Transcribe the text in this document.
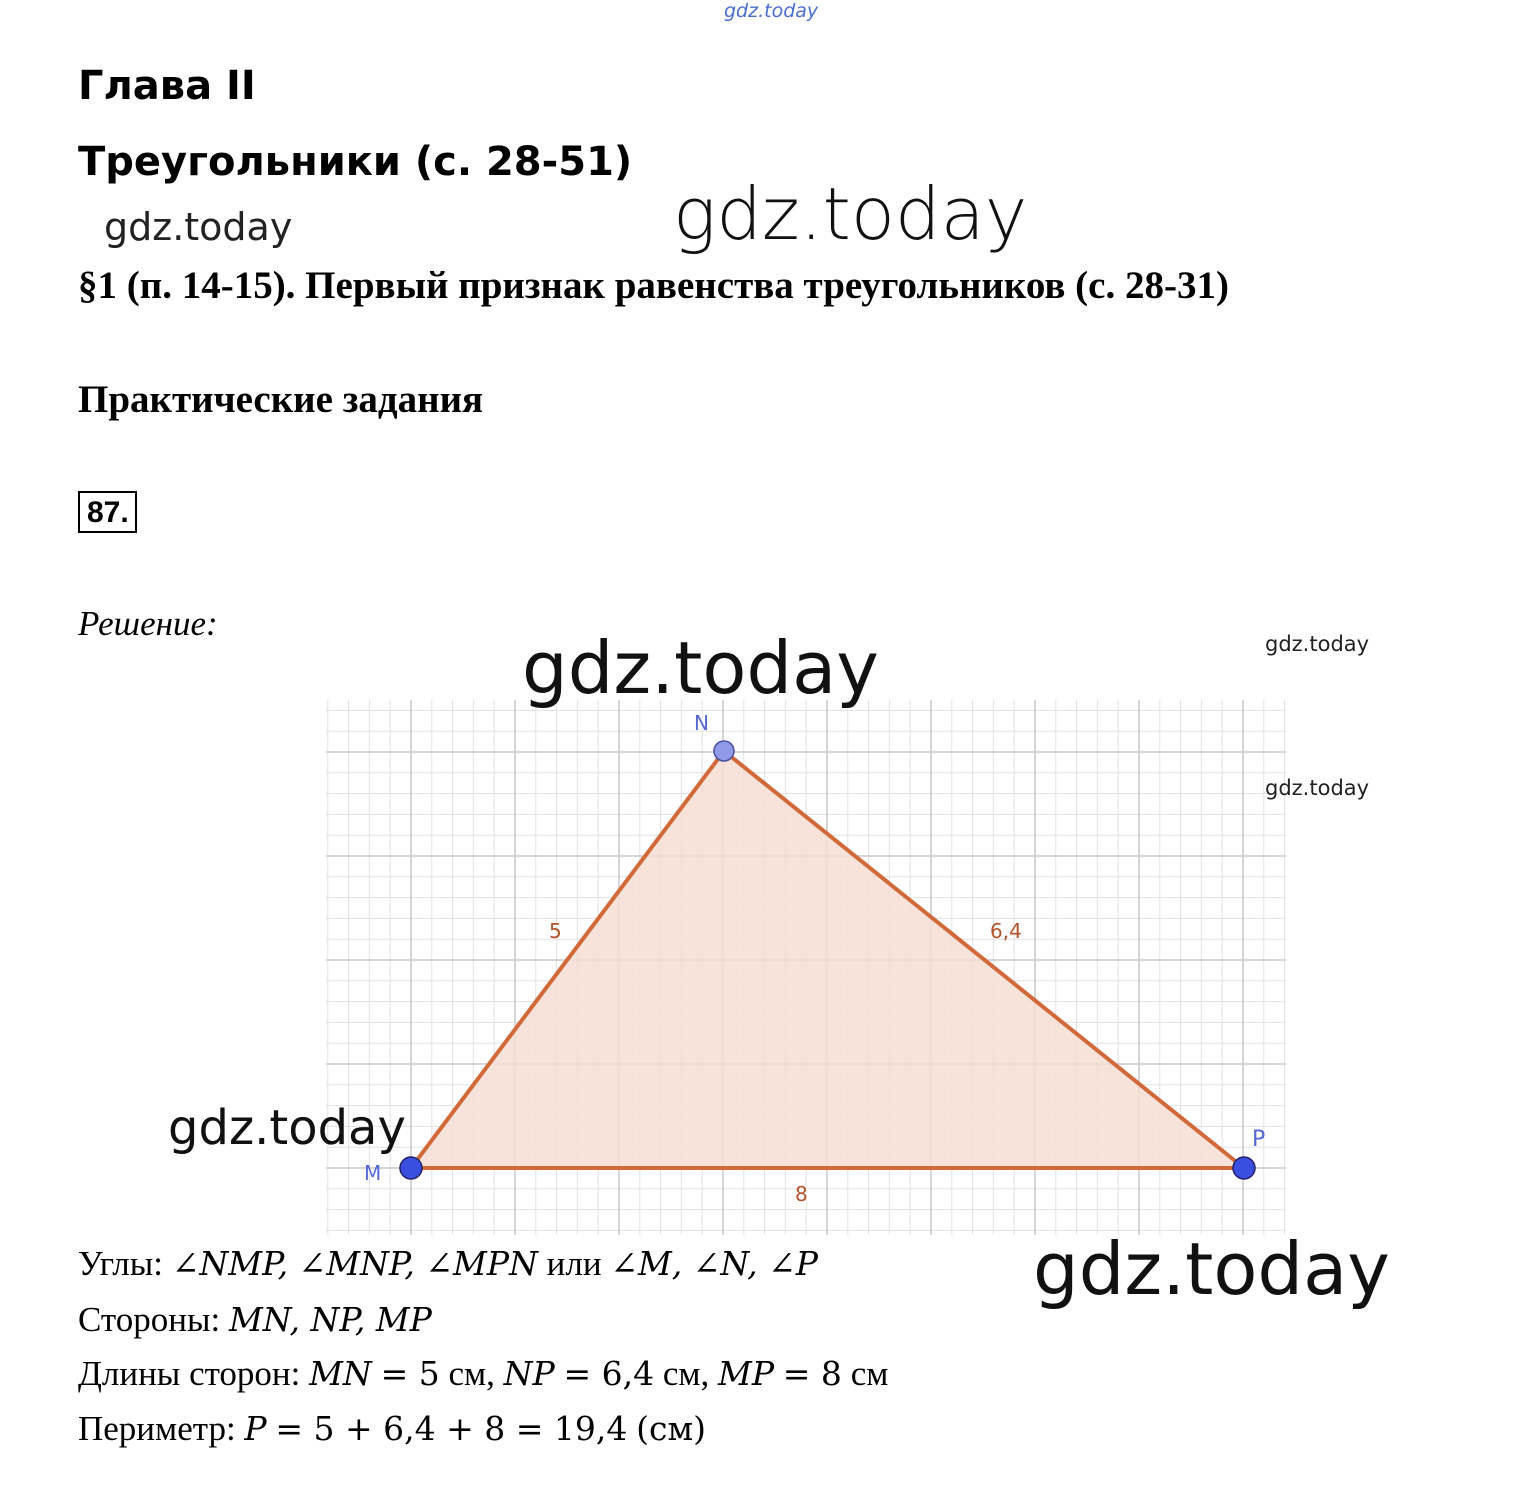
gdz.today
gdz.today	gdz.today
Глава II
Треугольники (с. 28-51)
§1 (п. 14-15). Первый признак равенства треугольников (с. 28-31)
Практические задания
87.
Решение:
N
M
P
5	6,4
8
gdz.today	gdz.today
gdz.today
gdz.today
Углы: ∠NMP, ∠MNP, ∠MPN или ∠M, ∠N, ∠P
Стороны: MN, NP, MP
Длины сторон: MN = 5 см, NP = 6,4 см, MP = 8 см
Периметр: P = 5 + 6,4 + 8 = 19,4 (см)
gdz.today
